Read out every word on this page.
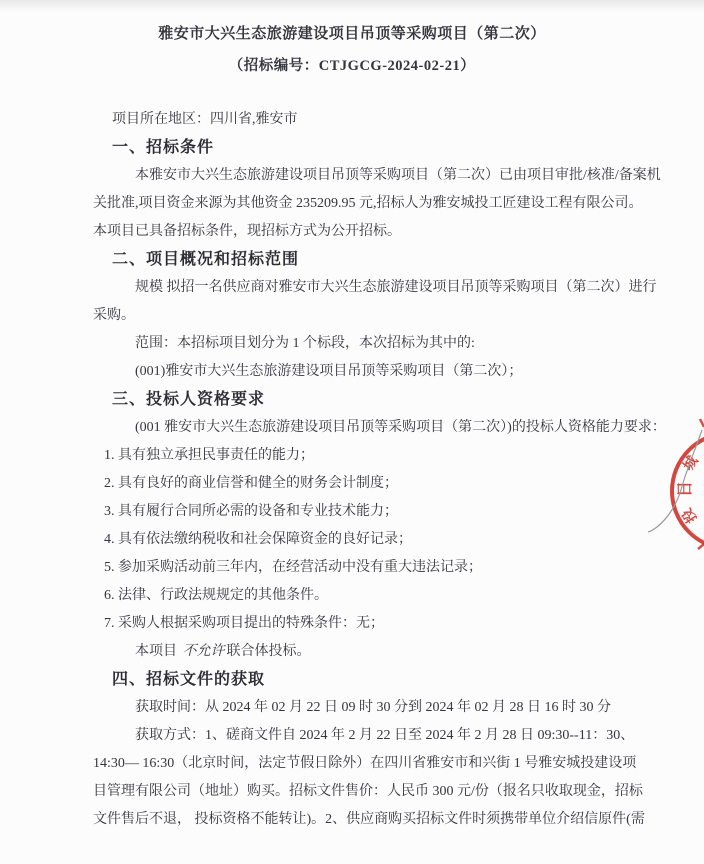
雅安市大兴生态旅游建设项目吊顶等采购项目（第二次）
（招标编号：CTJGCG-2024-02-21）
项目所在地区：四川省,雅安市
一、招标条件
本雅安市大兴生态旅游建设项目吊顶等采购项目（第二次）已由项目审批/核准/备案机
关批准,项目资金来源为其他资金 235209.95 元,招标人为雅安城投工匠建设工程有限公司。
本项目已具备招标条件，现招标方式为公开招标。
二、项目概况和招标范围
规模 拟招一名供应商对雅安市大兴生态旅游建设项目吊顶等采购项目（第二次）进行
采购。
范围：本招标项目划分为 1 个标段，本次招标为其中的:
(001)雅安市大兴生态旅游建设项目吊顶等采购项目（第二次）；
三、投标人资格要求
(001 雅安市大兴生态旅游建设项目吊顶等采购项目（第二次）)的投标人资格能力要求：
1. 具有独立承担民事责任的能力；
2. 具有良好的商业信誉和健全的财务会计制度；
3. 具有履行合同所必需的设备和专业技术能力；
4. 具有依法缴纳税收和社会保障资金的良好记录；
5. 参加采购活动前三年内，在经营活动中没有重大违法记录；
6. 法律、行政法规规定的其他条件。
7. 采购人根据采购项目提出的特殊条件：无；
本项目 不允许 联合体投标。
四、招标文件的获取
获取时间：从 2024 年 02 月 22 日 09 时 30 分到 2024 年 02 月 28 日 16 时 30 分
获取方式：1、磋商文件自 2024 年 2 月 22 日至 2024 年 2 月 28 日 09:30--11：30、
14:30— 16:30（北京时间，法定节假日除外）在四川省雅安市和兴街 1 号雅安城投建设项
目管理有限公司（地址）购买。招标文件售价：人民币 300 元/份（报名只收取现金，招标
文件售后不退， 投标资格不能转让)。2、供应商购买招标文件时须携带单位介绍信原件(需
城
日
投
